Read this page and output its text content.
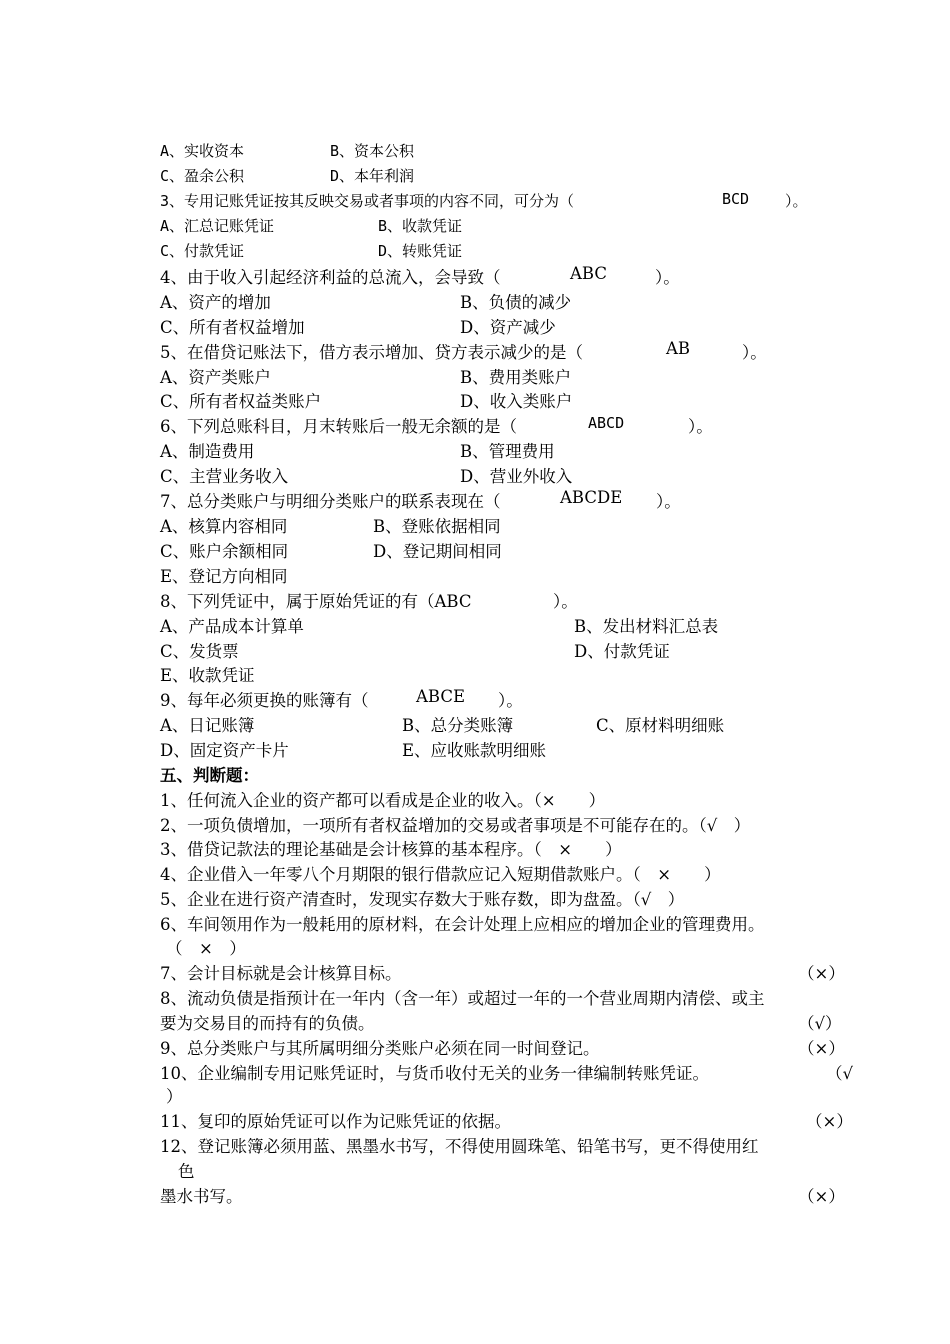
A、实收资本	B、资本公积
C、盈余公积	D、本年利润
3、专用记账凭证按其反映交易或者事项的内容不同，可分为（	BCD ）。
A、汇总记账凭证	B、收款凭证
C、付款凭证	D、转账凭证
4、由于收入引起经济利益的总流入，会导致（	ABC	）。
A、资产的增加	B、负债的减少
C、所有者权益增加	D、资产减少
5、在借贷记账法下，借方表示增加、贷方表示减少的是（	AB	）。
A、资产类账户	B、费用类账户
C、所有者权益类账户	D、收入类账户
6、下列总账科目，月末转账后一般无余额的是（	ABCD	）。
A、制造费用	B、管理费用
C、主营业务收入	D、营业外收入
7、总分类账户与明细分类账户的联系表现在（	ABCDE ）。
A、核算内容相同	B、登账依据相同
C、账户余额相同	D、登记期间相同
E、登记方向相同
8、下列凭证中，属于原始凭证的有（ABC	）。
A、产品成本计算单	B、发出材料汇总表
C、发货票	D、付款凭证
E、收款凭证
9、每年必须更换的账簿有（	ABCE ）。
A、日记账簿	B、总分类账簿	C、原材料明细账
D、固定资产卡片	E、应收账款明细账
五、判断题：
1、任何流入企业的资产都可以看成是企业的收入。（×　　）
2、一项负债增加，一项所有者权益增加的交易或者事项是不可能存在的。（√　）
3、借贷记款法的理论基础是会计核算的基本程序。（　×　　）
4、企业借入一年零八个月期限的银行借款应记入短期借款账户。（　×　　）
5、企业在进行资产清查时，发现实存数大于账存数，即为盘盈。（√　）
6、车间领用作为一般耗用的原材料，在会计处理上应相应的增加企业的管理费用。
（　×　）
7、会计目标就是会计核算目标。	（×）
8、流动负债是指预计在一年内（含一年）或超过一年的一个营业周期内清偿、或主
要为交易目的而持有的负债。	（√）
9、总分类账户与其所属明细分类账户必须在同一时间登记。	（×）
10、企业编制专用记账凭证时，与货币收付无关的业务一律编制转账凭证。	（√
）
11、复印的原始凭证可以作为记账凭证的依据。	（×）
12、登记账簿必须用蓝、黑墨水书写，不得使用圆珠笔、铅笔书写，更不得使用红
色
墨水书写。	（×）
